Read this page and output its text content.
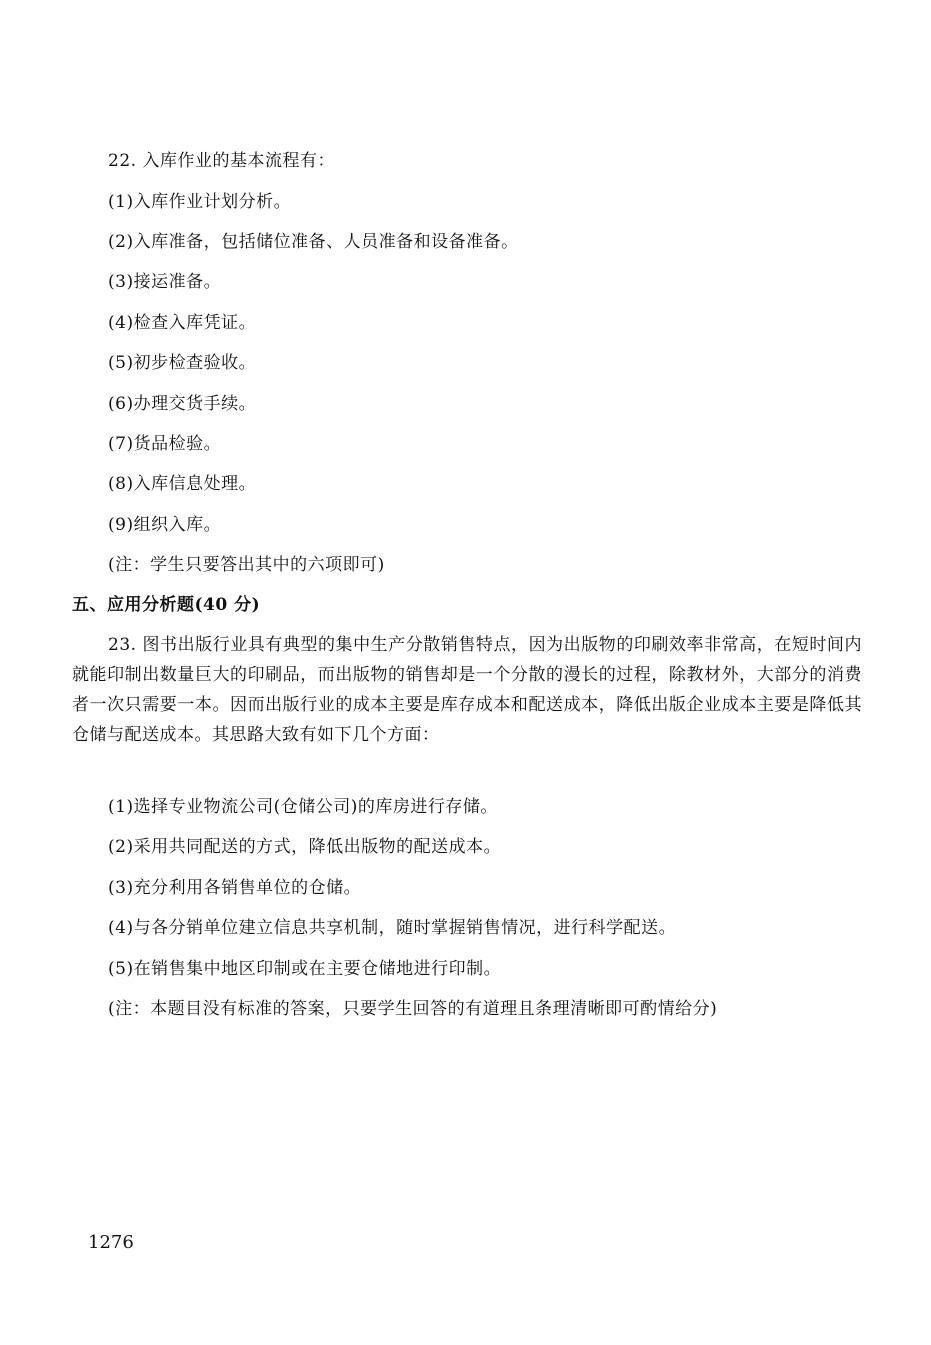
22. 入库作业的基本流程有：

(1)入库作业计划分析。

(2)入库准备，包括储位准备、人员准备和设备准备。

(3)接运准备。

(4)检查入库凭证。

(5)初步检查验收。

(6)办理交货手续。

(7)货品检验。

(8)入库信息处理。

(9)组织入库。

(注：学生只要答出其中的六项即可)

五、应用分析题(40 分)

23. 图书出版行业具有典型的集中生产分散销售特点，因为出版物的印刷效率非常高，在短时间内就能印制出数量巨大的印刷品，而出版物的销售却是一个分散的漫长的过程，除教材外，大部分的消费者一次只需要一本。因而出版行业的成本主要是库存成本和配送成本，降低出版企业成本主要是降低其仓储与配送成本。其思路大致有如下几个方面：

(1)选择专业物流公司(仓储公司)的库房进行存储。

(2)采用共同配送的方式，降低出版物的配送成本。

(3)充分利用各销售单位的仓储。

(4)与各分销单位建立信息共享机制，随时掌握销售情况，进行科学配送。

(5)在销售集中地区印制或在主要仓储地进行印制。

(注：本题目没有标准的答案，只要学生回答的有道理且条理清晰即可酌情给分)

1276
